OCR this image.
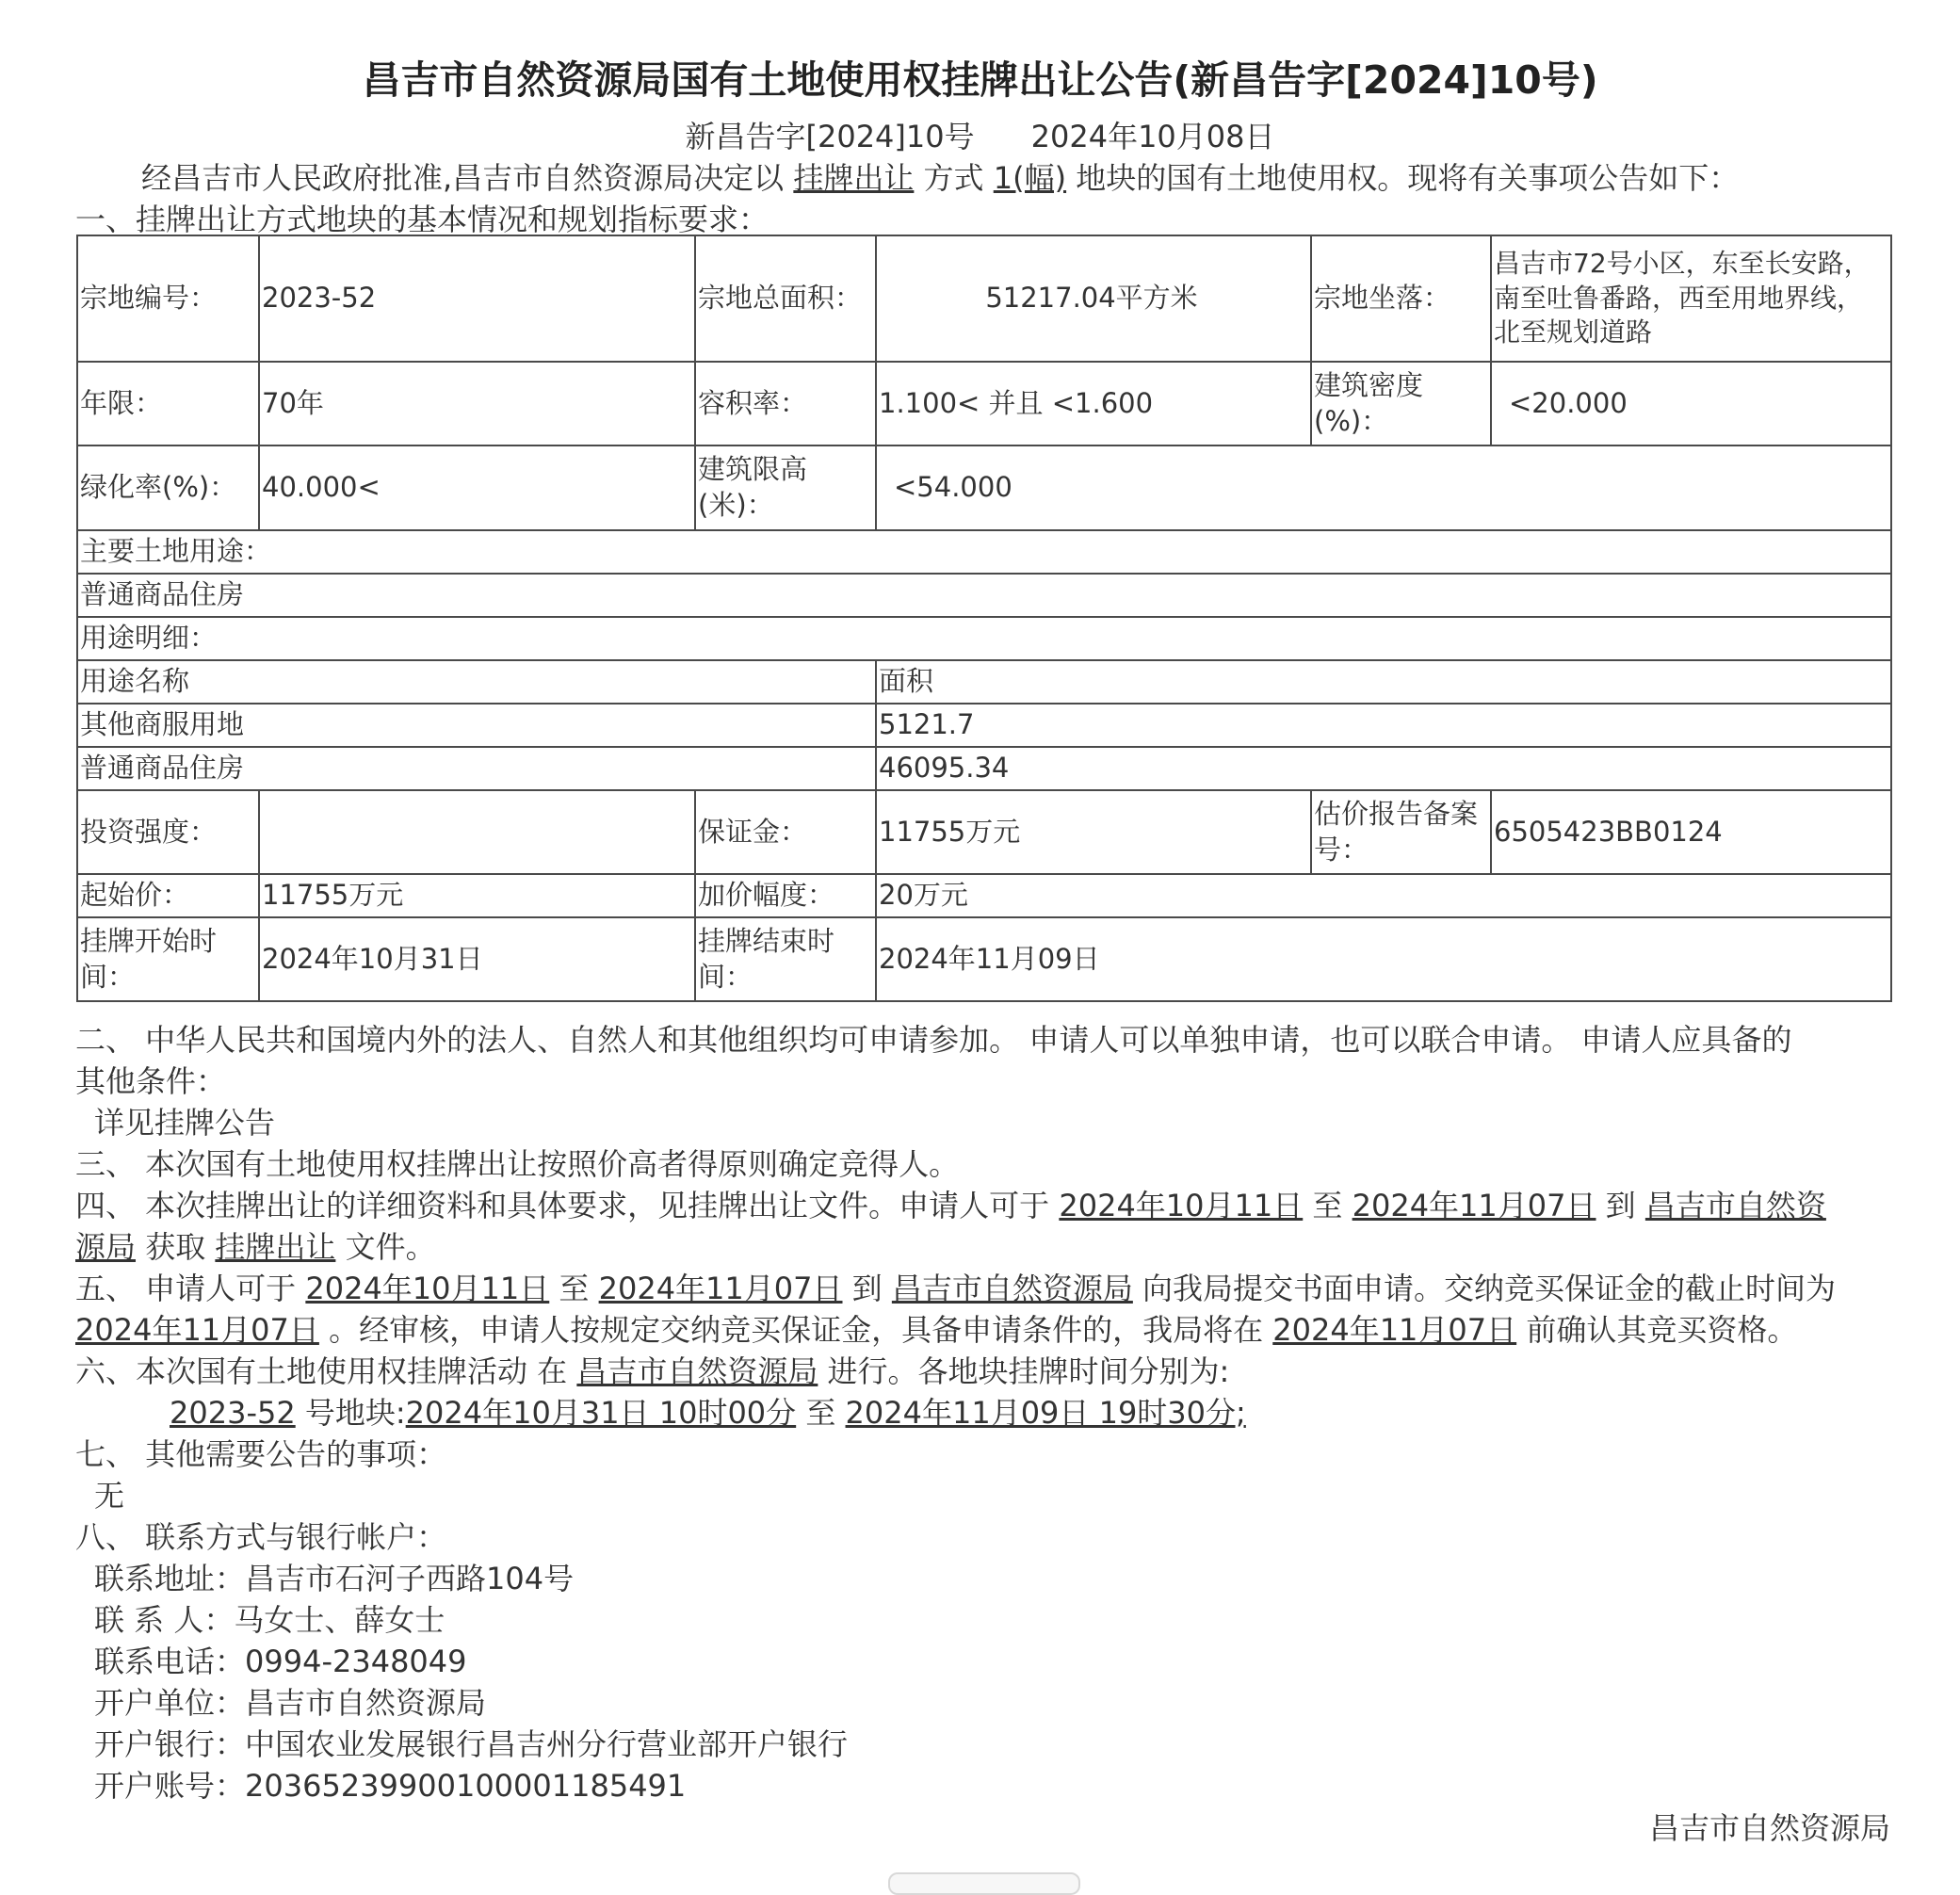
昌吉市自然资源局国有土地使用权挂牌出让公告(新昌告字[2024]10号)
新昌告字[2024]10号 2024年10月08日
经昌吉市人民政府批准,昌吉市自然资源局决定以 挂牌出让 方式 1(幅) 地块的国有土地使用权。现将有关事项公告如下：
一、挂牌出让方式地块的基本情况和规划指标要求：
宗地编号：	2023-52	宗地总面积：	51217.04平方米	宗地坐落：	昌吉市72号小区，东至长安路，南至吐鲁番路，西至用地界线，北至规划道路
年限：	70年	容积率：	1.100< 并且 <1.600	建筑密度(%)：	<20.000
绿化率(%)：	40.000<	建筑限高(米)：	<54.000		
主要土地用途：					
普通商品住房					
用途明细：					
用途名称			面积		
其他商服用地			5121.7		
普通商品住房			46095.34		
投资强度：		保证金：	11755万元	估价报告备案号：	6505423BB0124
起始价：	11755万元	加价幅度：	20万元		
挂牌开始时间：	2024年10月31日	挂牌结束时间：	2024年11月09日		
二、 中华人民共和国境内外的法人、自然人和其他组织均可申请参加。 申请人可以单独申请，也可以联合申请。 申请人应具备的
其他条件：
详见挂牌公告
三、 本次国有土地使用权挂牌出让按照价高者得原则确定竞得人。
四、 本次挂牌出让的详细资料和具体要求，见挂牌出让文件。申请人可于 2024年10月11日 至 2024年11月07日 到 昌吉市自然资
源局 获取 挂牌出让 文件。
五、 申请人可于 2024年10月11日 至 2024年11月07日 到 昌吉市自然资源局 向我局提交书面申请。交纳竞买保证金的截止时间为
2024年11月07日 。经审核，申请人按规定交纳竞买保证金，具备申请条件的，我局将在 2024年11月07日 前确认其竞买资格。
六、本次国有土地使用权挂牌活动 在 昌吉市自然资源局 进行。各地块挂牌时间分别为:
2023-52 号地块:2024年10月31日 10时00分 至 2024年11月09日 19时30分;
七、 其他需要公告的事项：
无
八、 联系方式与银行帐户：
联系地址：昌吉市石河子西路104号
联 系 人：马女士、薛女士
联系电话：0994-2348049
开户单位：昌吉市自然资源局
开户银行：中国农业发展银行昌吉州分行营业部开户银行
开户账号：20365239900100001185491
昌吉市自然资源局
